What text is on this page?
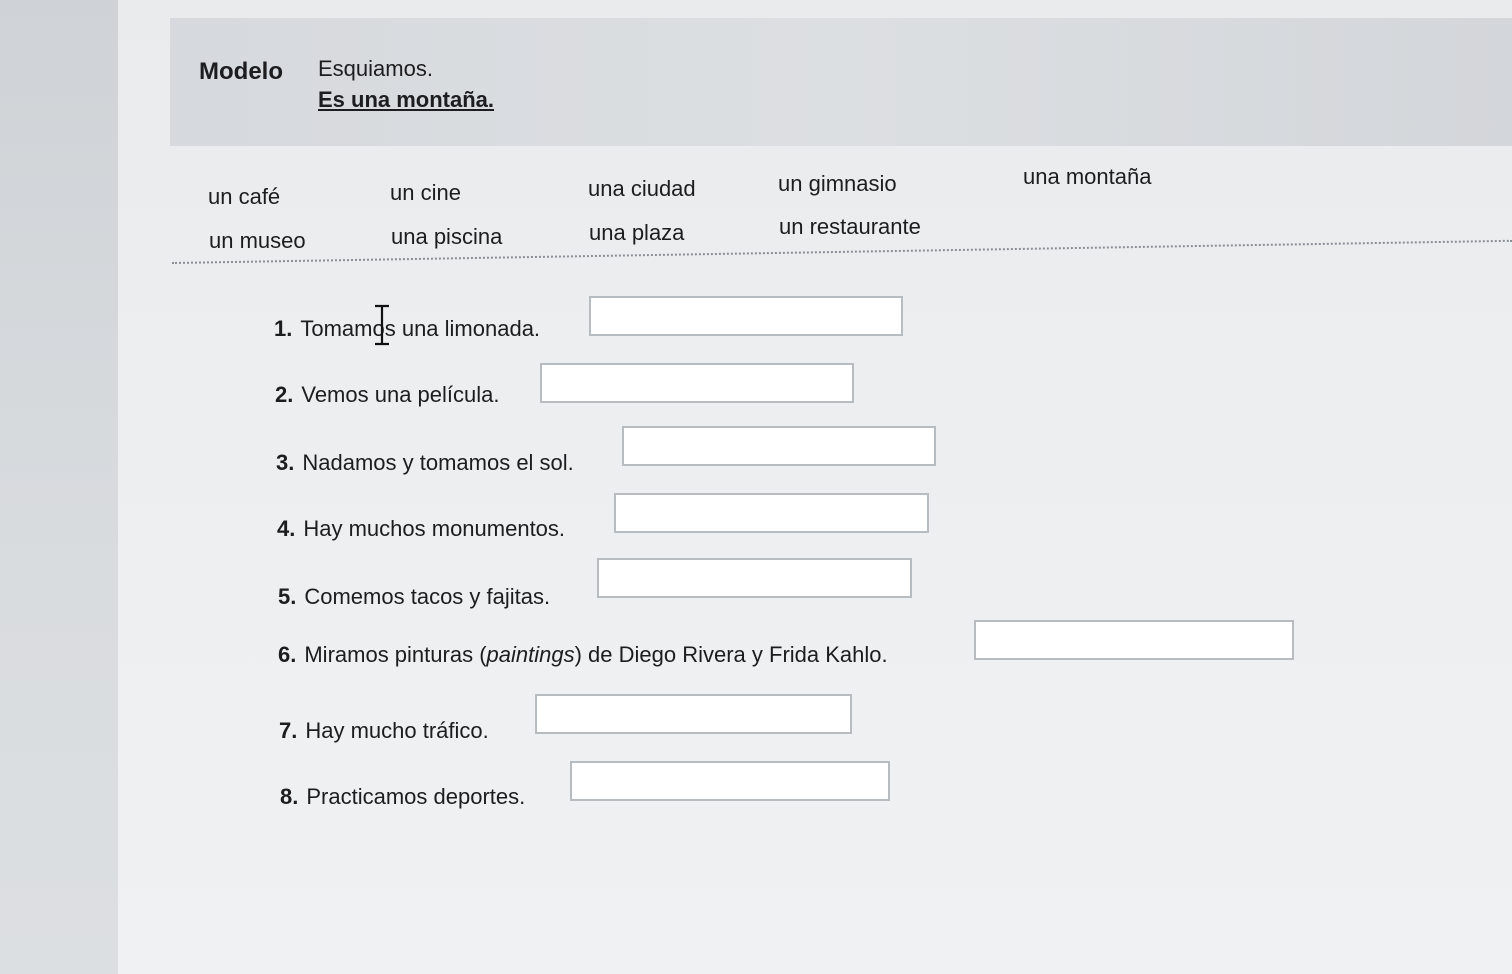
Modelo Esquiamos.
Es una montaña.
un café	un cine	una ciudad	un gimnasio	una montaña
un museo	una piscina	una plaza	un restaurante
1. Tomamos una limonada.
2. Vemos una película.
3. Nadamos y tomamos el sol.
4. Hay muchos monumentos.
5. Comemos tacos y fajitas.
6. Miramos pinturas (paintings) de Diego Rivera y Frida Kahlo.
7. Hay mucho tráfico.
8. Practicamos deportes.
